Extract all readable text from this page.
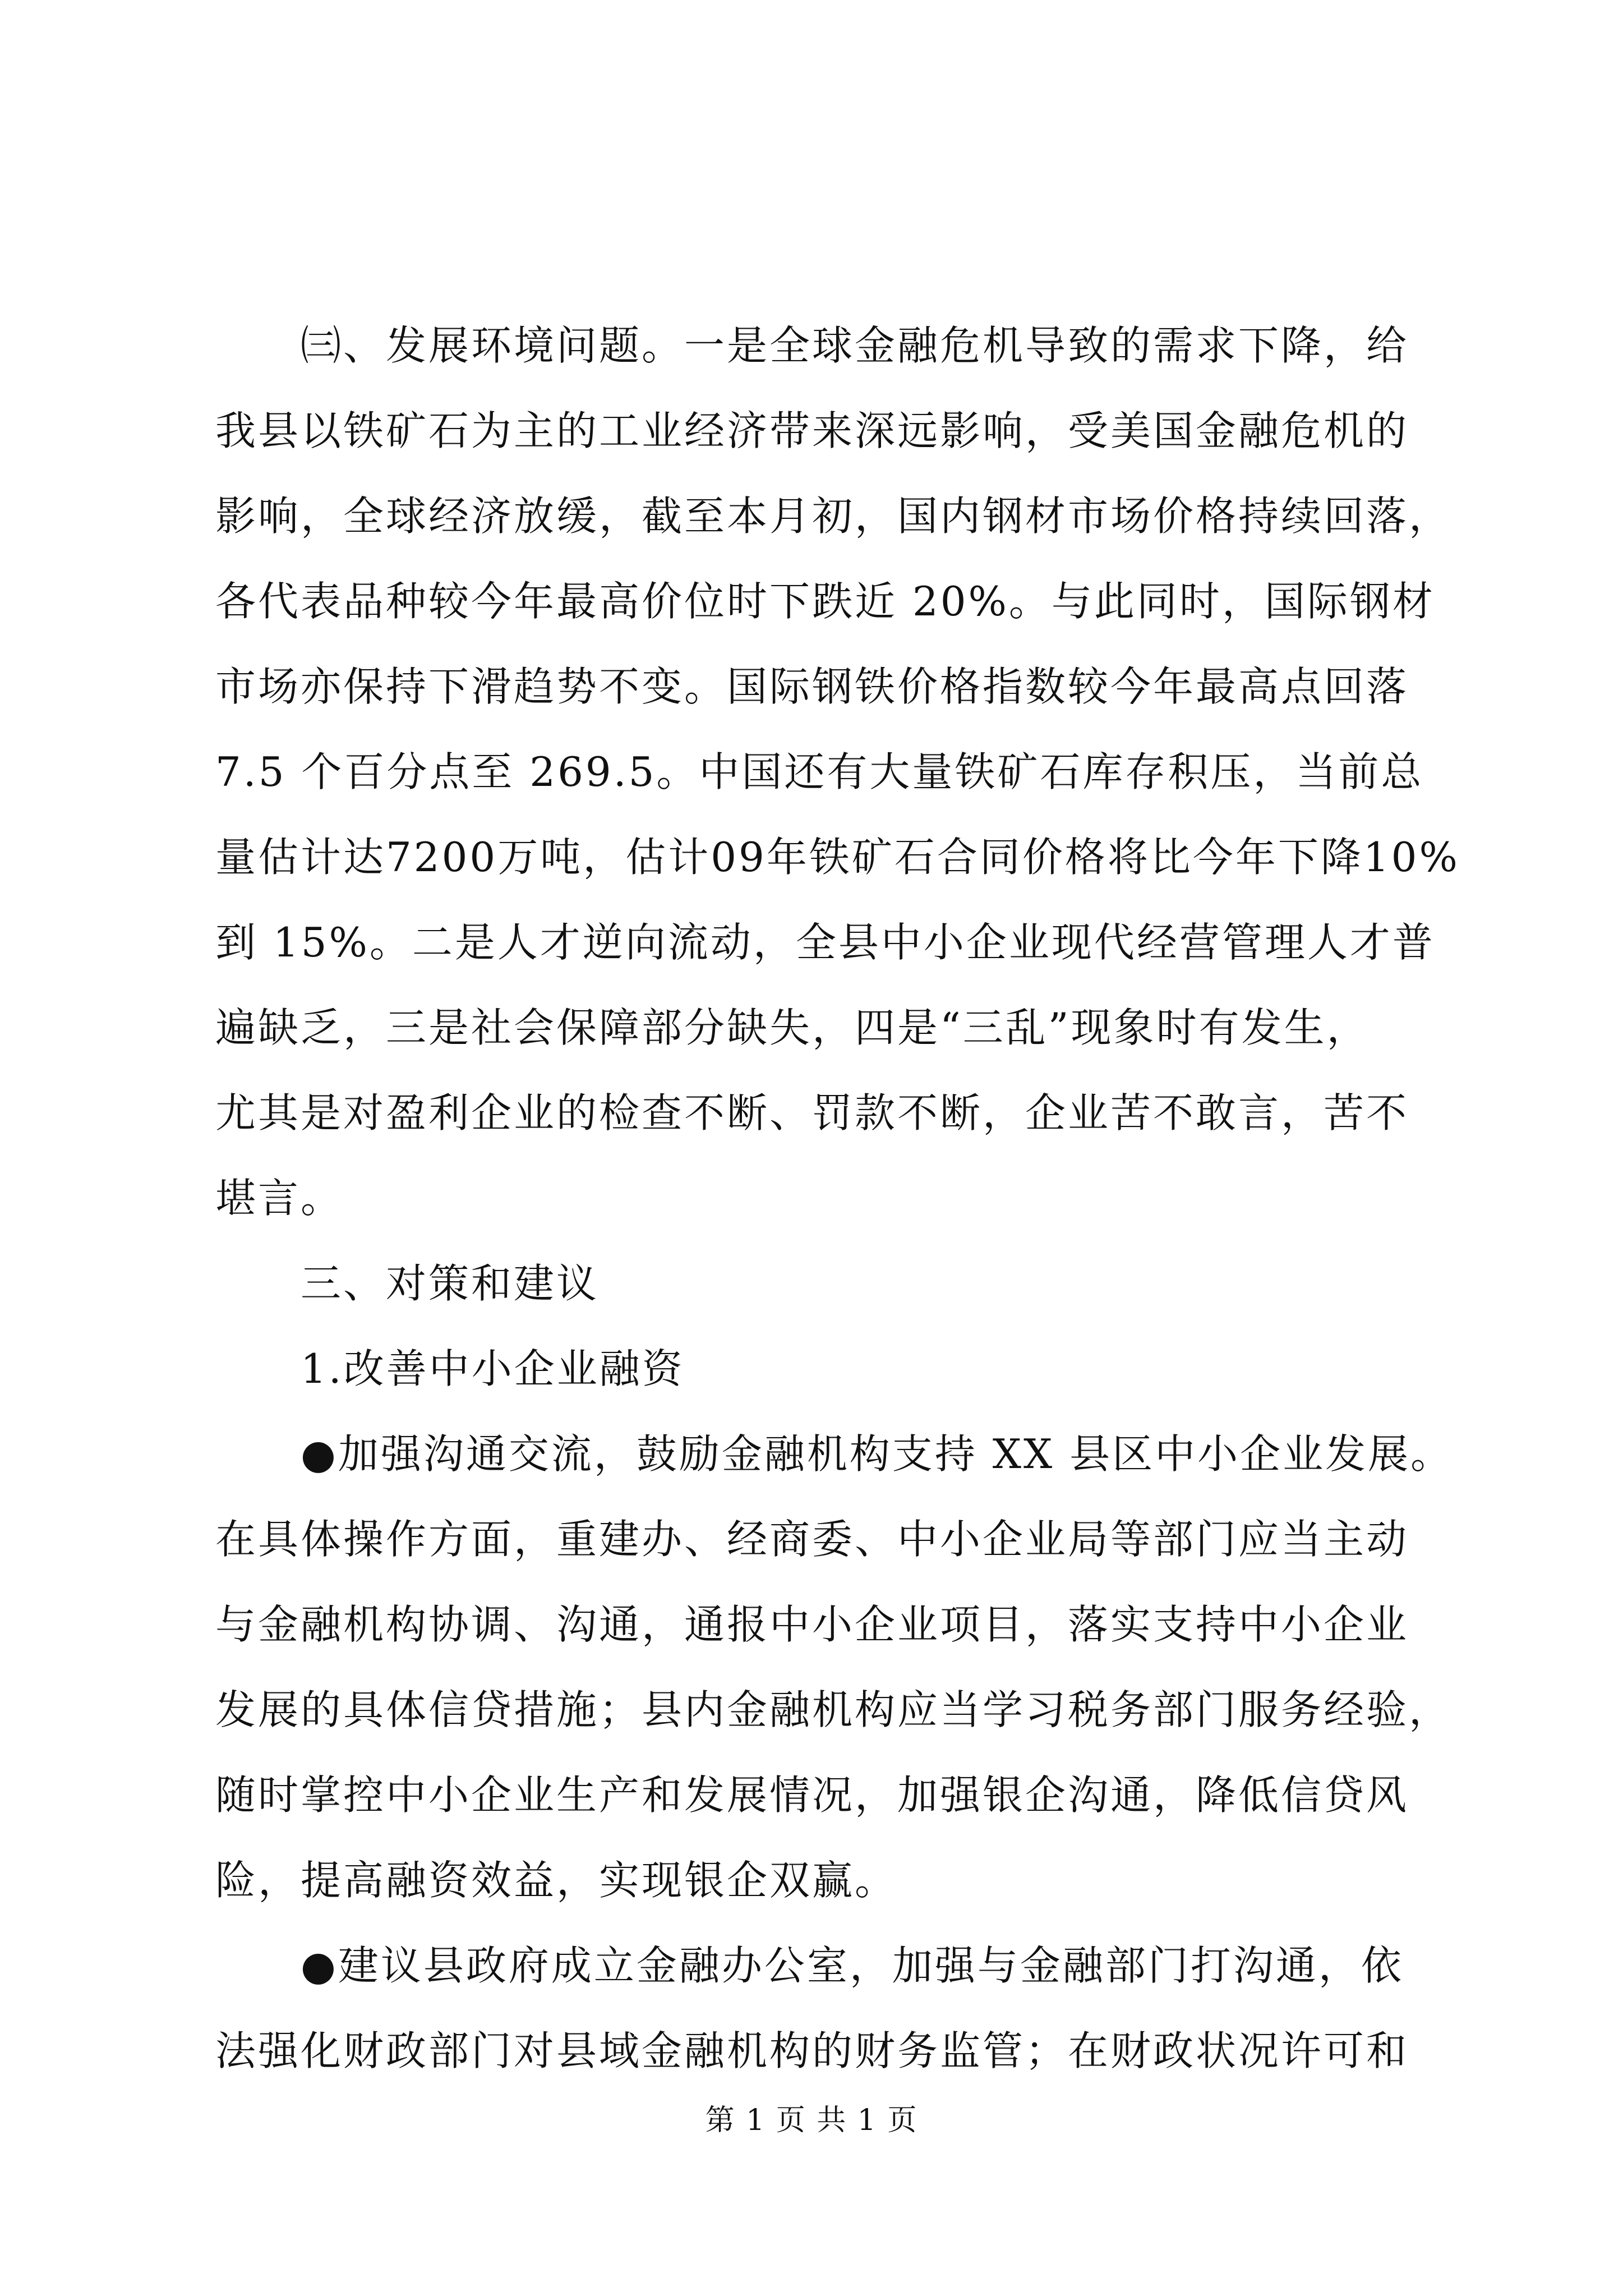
㈢、发展环境问题。一是全球金融危机导致的需求下降，给
我县以铁矿石为主的工业经济带来深远影响，受美国金融危机的
影响，全球经济放缓，截至本月初，国内钢材市场价格持续回落，
各代表品种较今年最高价位时下跌近 20%。与此同时，国际钢材
市场亦保持下滑趋势不变。国际钢铁价格指数较今年最高点回落
7.5 个百分点至 269.5。中国还有大量铁矿石库存积压，当前总
量估计达7200万吨，估计09年铁矿石合同价格将比今年下降10%
到 15%。二是人才逆向流动，全县中小企业现代经营管理人才普
遍缺乏，三是社会保障部分缺失，四是“三乱”现象时有发生，
尤其是对盈利企业的检查不断、罚款不断，企业苦不敢言，苦不
堪言。
三、对策和建议
1.改善中小企业融资
●加强沟通交流，鼓励金融机构支持 XX 县区中小企业发展。
在具体操作方面，重建办、经商委、中小企业局等部门应当主动
与金融机构协调、沟通，通报中小企业项目，落实支持中小企业
发展的具体信贷措施；县内金融机构应当学习税务部门服务经验，
随时掌控中小企业生产和发展情况，加强银企沟通，降低信贷风
险，提高融资效益，实现银企双赢。
●建议县政府成立金融办公室，加强与金融部门打沟通，依
法强化财政部门对县域金融机构的财务监管；在财政状况许可和
第 1 页 共 1 页
